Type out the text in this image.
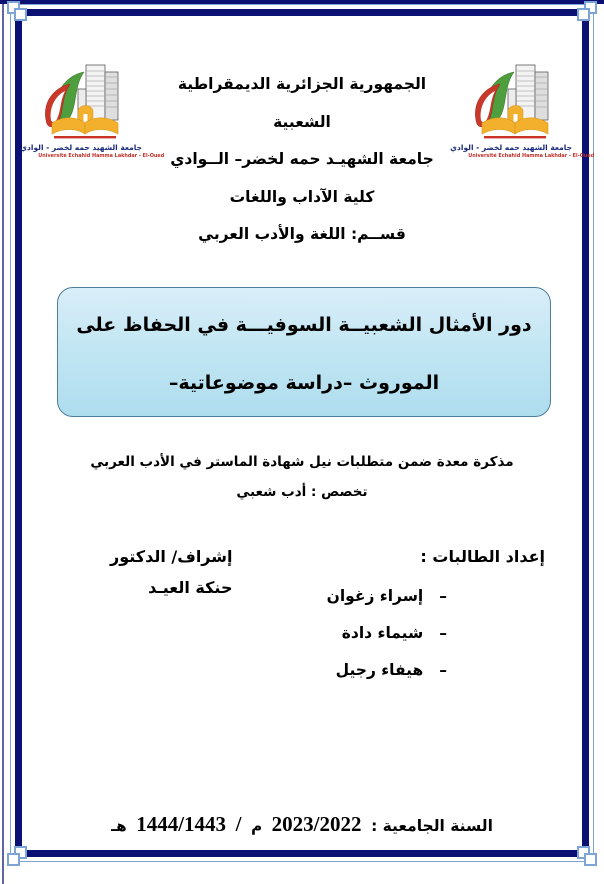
جامعة الشهيد حمه لخضر - الوادي
Université Echahid Hamma Lakhdar - El-Oued
جامعة الشهيد حمه لخضر - الوادي
Université Echahid Hamma Lakhdar - El-Oued
الجمهورية الجزائرية الديمقراطية الشعبية
جامعة الشهيـد حمه لخضر– الــوادي
كلية الآداب واللغات
قســم: اللغة والأدب العربي
دور الأمثال الشعبيــة السوفيـــة في الحفاظ على
الموروث –دراسة موضوعاتية–
مذكرة معدة ضمن متطلبات نيل شهادة الماستر في الأدب العربي
تخصص : أدب شعبي
إعداد الطالبات :
–إسراء زغوان
–شيماء دادة
–هيفاء رجيل
إشراف/ الدكتور
حنكة العيـد
السنة الجامعية : 2023/2022 م / 1444/1443 هـ
